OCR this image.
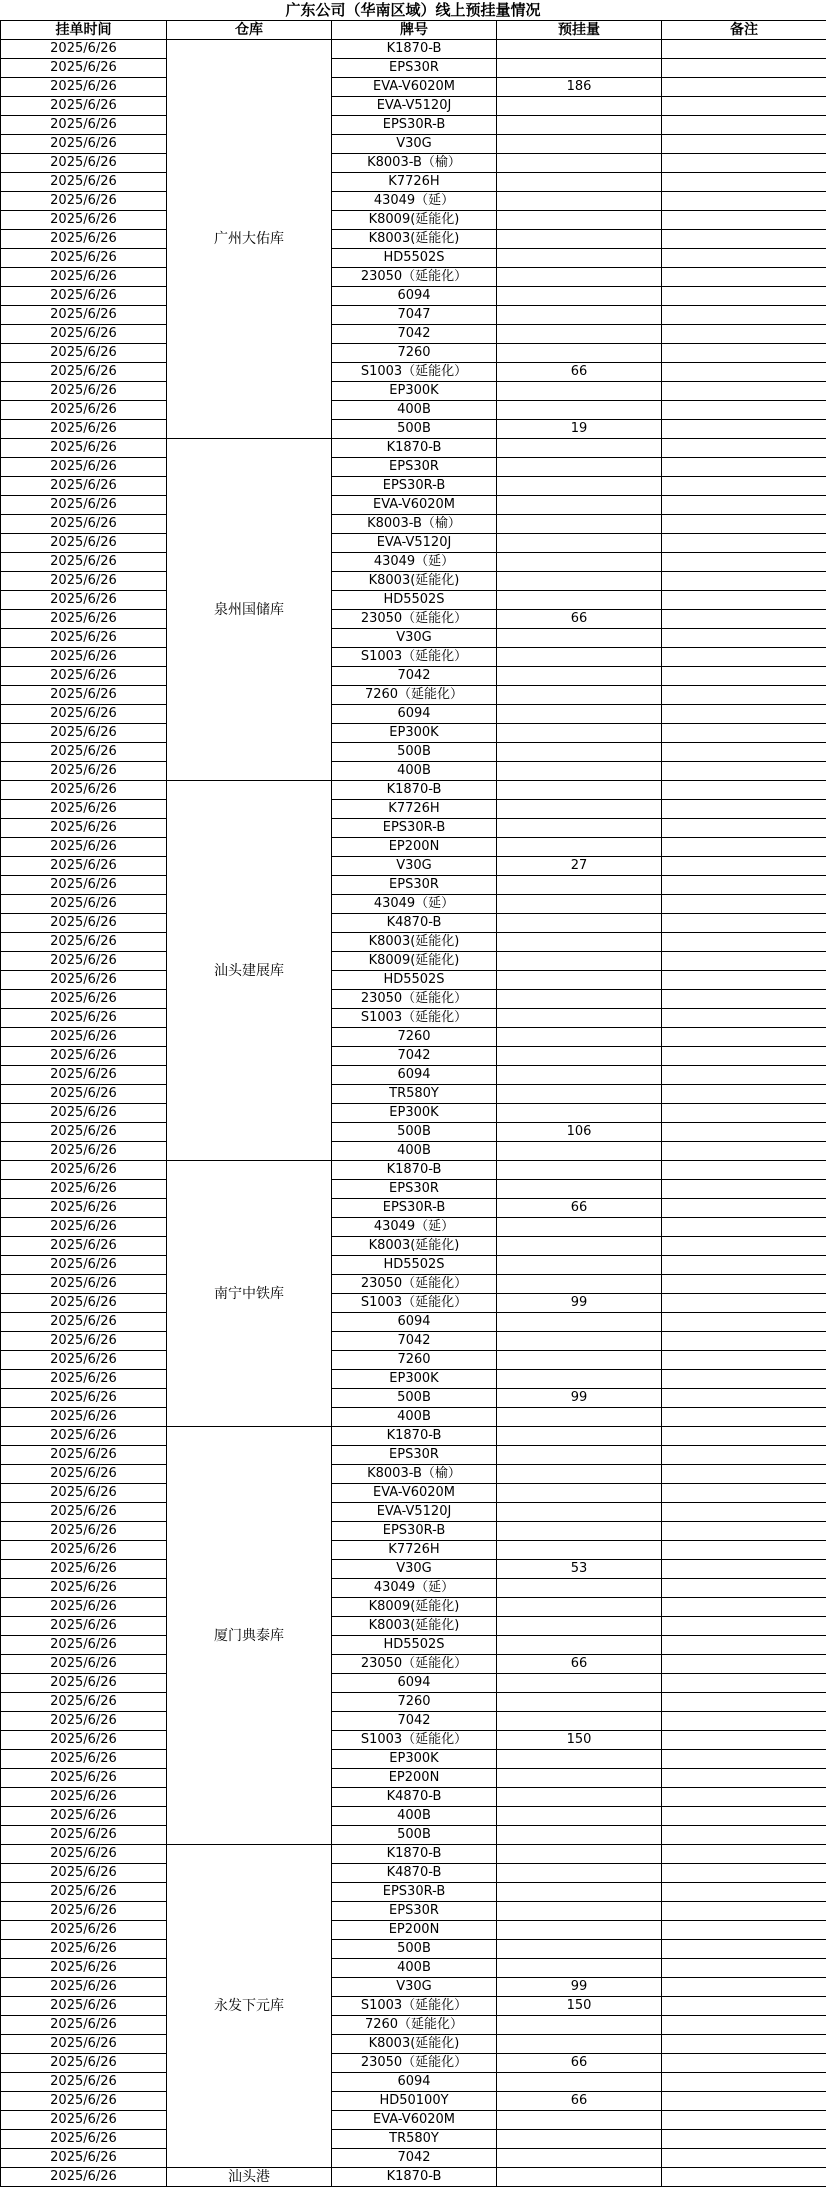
广东公司（华南区域）线上预挂量情况
挂单时间	仓库	牌号	预挂量	备注
2025/6/26	广州大佑库	K1870-B		
2025/6/26		EPS30R		
2025/6/26		EVA-V6020M	186	
2025/6/26		EVA-V5120J		
2025/6/26		EPS30R-B		
2025/6/26		V30G		
2025/6/26		K8003-B（榆）		
2025/6/26		K7726H		
2025/6/26		43049（延）		
2025/6/26		K8009(延能化)		
2025/6/26		K8003(延能化)		
2025/6/26		HD5502S		
2025/6/26		23050（延能化）		
2025/6/26		6094		
2025/6/26		7047		
2025/6/26		7042		
2025/6/26		7260		
2025/6/26		S1003（延能化）	66	
2025/6/26		EP300K		
2025/6/26		400B		
2025/6/26		500B	19	
2025/6/26	泉州国储库	K1870-B		
2025/6/26		EPS30R		
2025/6/26		EPS30R-B		
2025/6/26		EVA-V6020M		
2025/6/26		K8003-B（榆）		
2025/6/26		EVA-V5120J		
2025/6/26		43049（延）		
2025/6/26		K8003(延能化)		
2025/6/26		HD5502S		
2025/6/26		23050（延能化）	66	
2025/6/26		V30G		
2025/6/26		S1003（延能化）		
2025/6/26		7042		
2025/6/26		7260（延能化）		
2025/6/26		6094		
2025/6/26		EP300K		
2025/6/26		500B		
2025/6/26		400B		
2025/6/26	汕头建展库	K1870-B		
2025/6/26		K7726H		
2025/6/26		EPS30R-B		
2025/6/26		EP200N		
2025/6/26		V30G	27	
2025/6/26		EPS30R		
2025/6/26		43049（延）		
2025/6/26		K4870-B		
2025/6/26		K8003(延能化)		
2025/6/26		K8009(延能化)		
2025/6/26		HD5502S		
2025/6/26		23050（延能化）		
2025/6/26		S1003（延能化）		
2025/6/26		7260		
2025/6/26		7042		
2025/6/26		6094		
2025/6/26		TR580Y		
2025/6/26		EP300K		
2025/6/26		500B	106	
2025/6/26		400B		
2025/6/26	南宁中铁库	K1870-B		
2025/6/26		EPS30R		
2025/6/26		EPS30R-B	66	
2025/6/26		43049（延）		
2025/6/26		K8003(延能化)		
2025/6/26		HD5502S		
2025/6/26		23050（延能化）		
2025/6/26		S1003（延能化）	99	
2025/6/26		6094		
2025/6/26		7042		
2025/6/26		7260		
2025/6/26		EP300K		
2025/6/26		500B	99	
2025/6/26		400B		
2025/6/26	厦门典泰库	K1870-B		
2025/6/26		EPS30R		
2025/6/26		K8003-B（榆）		
2025/6/26		EVA-V6020M		
2025/6/26		EVA-V5120J		
2025/6/26		EPS30R-B		
2025/6/26		K7726H		
2025/6/26		V30G	53	
2025/6/26		43049（延）		
2025/6/26		K8009(延能化)		
2025/6/26		K8003(延能化)		
2025/6/26		HD5502S		
2025/6/26		23050（延能化）	66	
2025/6/26		6094		
2025/6/26		7260		
2025/6/26		7042		
2025/6/26		S1003（延能化）	150	
2025/6/26		EP300K		
2025/6/26		EP200N		
2025/6/26		K4870-B		
2025/6/26		400B		
2025/6/26		500B		
2025/6/26	永发下元库	K1870-B		
2025/6/26		K4870-B		
2025/6/26		EPS30R-B		
2025/6/26		EPS30R		
2025/6/26		EP200N		
2025/6/26		500B		
2025/6/26		400B		
2025/6/26		V30G	99	
2025/6/26		S1003（延能化）	150	
2025/6/26		7260（延能化）		
2025/6/26		K8003(延能化)		
2025/6/26		23050（延能化）	66	
2025/6/26		6094		
2025/6/26		HD50100Y	66	
2025/6/26		EVA-V6020M		
2025/6/26		TR580Y		
2025/6/26		7042		
2025/6/26	汕头港	K1870-B		
